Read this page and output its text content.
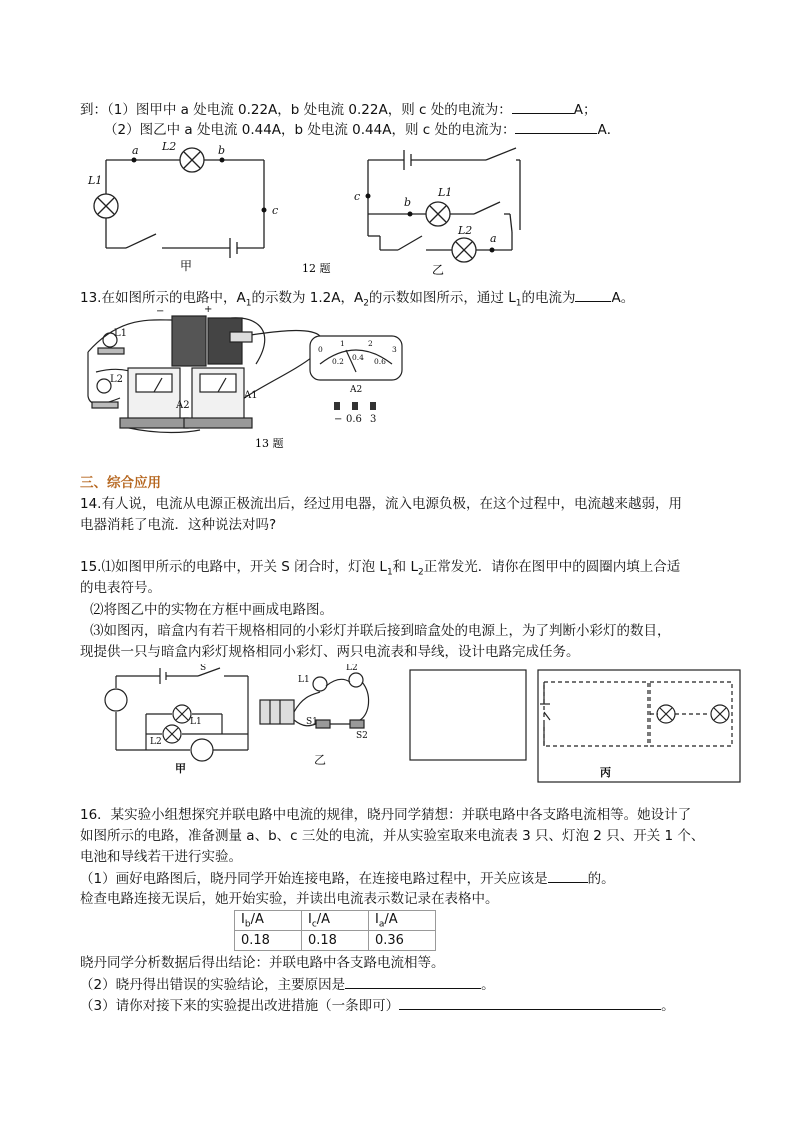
到：（1）图甲中 a 处电流 0.22A，b 处电流 0.22A，则 c 处的电流为：	A；
（2）图乙中 a 处电流 0.44A，b 处电流 0.44A，则 c 处的电流为：	A．
a	b
c
L1
L2
c	b
L1
L2
a
甲	12 题	乙
13.在如图所示的电路中，$A_1$的示数为 1.2A，$A_2$的示数如图所示，通过 $L_1$的电流为	A。
L1
L2
A2
A1
−	+
0
1	2
3
0.2 0.4 0.6
A2
− 0.6 3
13 题
三、综合应用
14.有人说，电流从电源正极流出后，经过用电器，流入电源负极，在这个过程中，电流越来越弱，用
电器消耗了电流．这种说法对吗?
15.⑴如图甲所示的电路中，开关 S 闭合时，灯泡 $L_1$和 $L_2$正常发光．请你在图甲中的圆圈内填上合适
的电表符号。
⑵将图乙中的实物在方框中画成电路图。
⑶如图丙，暗盒内有若干规格相同的小彩灯并联后接到暗盒处的电源上，为了判断小彩灯的数目，
现提供一只与暗盒内彩灯规格相同小彩灯、两只电流表和导线，设计电路完成任务。
S
L1
L2
甲
L1
L2
S1
S2
乙
丙
16．某实验小组想探究并联电路中电流的规律，晓丹同学猜想：并联电路中各支路电流相等。她设计了
如图所示的电路，准备测量 a、b、c 三处的电流，并从实验室取来电流表 3 只、灯泡 2 只、开关 1 个、
电池和导线若干进行实验。
（1）画好电路图后，晓丹同学开始连接电路，在连接电路过程中，开关应该是	的。
检查电路连接无误后，她开始实验，并读出电流表示数记录在表格中。
$I_b/A$	$I_c/A$	$I_a/A$
0.18	0.18	0.36
晓丹同学分析数据后得出结论：并联电路中各支路电流相等。
（2）晓丹得出错误的实验结论，主要原因是	。
（3）请你对接下来的实验提出改进措施（一条即可）	。
